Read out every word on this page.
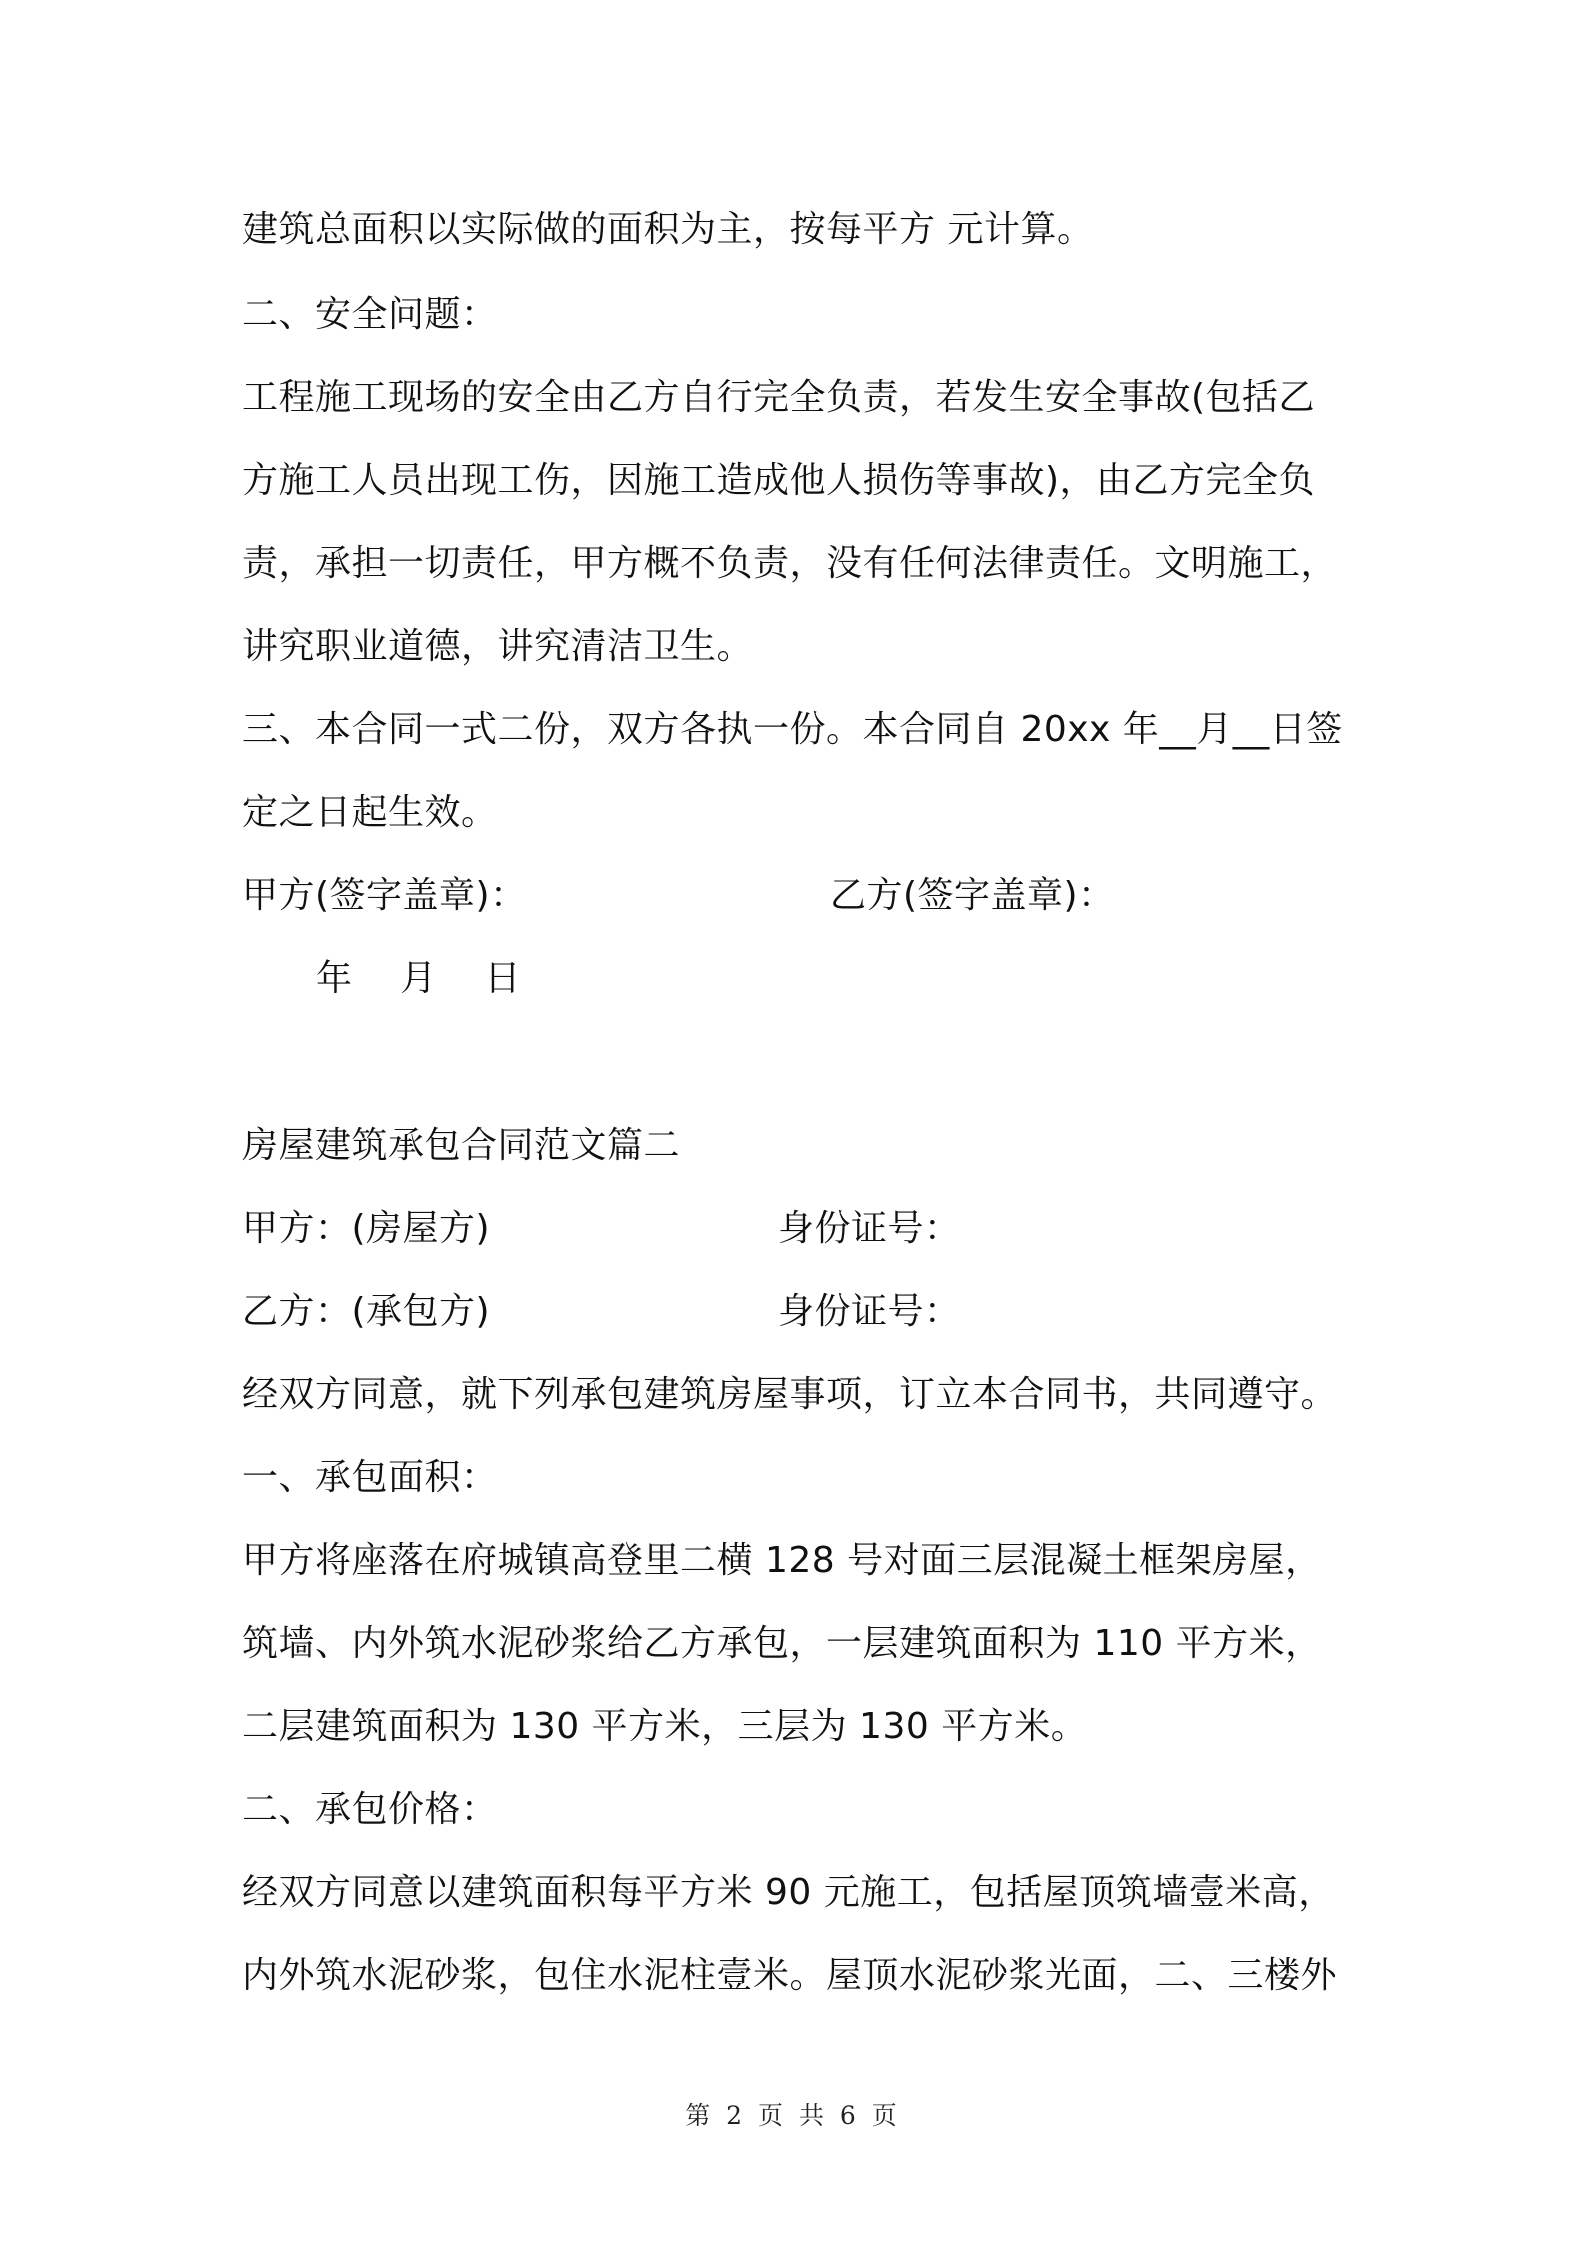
建筑总面积以实际做的面积为主，按每平方 元计算。
二、安全问题：
工程施工现场的安全由乙方自行完全负责，若发生安全事故(包括乙
方施工人员出现工伤，因施工造成他人损伤等事故)，由乙方完全负
责，承担一切责任，甲方概不负责，没有任何法律责任。文明施工，
讲究职业道德，讲究清洁卫生。
三、本合同一式二份，双方各执一份。本合同自 20xx 年__月__日签
定之日起生效。
甲方(签字盖章)：	乙方(签字盖章)：
年    月    日
房屋建筑承包合同范文篇二
甲方：(房屋方)	身份证号：
乙方：(承包方)	身份证号：
经双方同意，就下列承包建筑房屋事项，订立本合同书，共同遵守。
一、承包面积：
甲方将座落在府城镇高登里二横 128 号对面三层混凝土框架房屋，
筑墙、内外筑水泥砂浆给乙方承包，一层建筑面积为 110 平方米，
二层建筑面积为 130 平方米，三层为 130 平方米。
二、承包价格：
经双方同意以建筑面积每平方米 90 元施工，包括屋顶筑墙壹米高，
内外筑水泥砂浆，包住水泥柱壹米。屋顶水泥砂浆光面，二、三楼外
第 2 页 共 6 页
